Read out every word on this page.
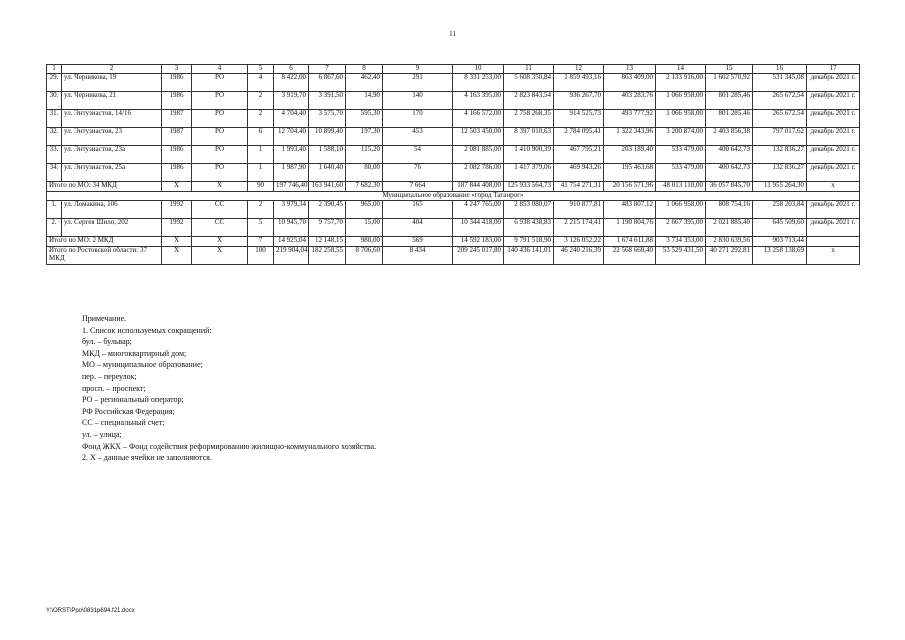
11
1	2	3	4	5	6	7	8	9	10	11	12	13	14	15	16	17
29.	ул. Черникова, 19	1986	РО	4	8 422,00	6 867,60	462,40	291	8 331 253,00	5 608 350,84	1 859 493,16	863 409,00	2 133 916,00	1 602 570,92	531 345,08	декабрь 2021 г.
30.	ул. Черникова, 21	1986	РО	2	3 919,70	3 391,50	14,90	140	4 163 395,00	2 823 843,54	936 267,70	403 283,76	1 066 958,00	801 285,46	265 672,54	декабрь 2021 г.
31.	ул. Энтузиастов, 14/16	1987	РО	2	4 704,40	3 575,70	595,30	170	4 166 572,00	2 758 268,35	914 525,73	493 777,92	1 066 958,00	801 285,46	265 672,54	декабрь 2021 г.
32.	ул. Энтузиастов, 23	1987	РО	6	12 704,40	10 899,40	197,30	453	12 503 450,00	8 397 010,63	2 784 095,41	1 322 343,96	3 200 874,00	2 403 856,38	797 017,62	декабрь 2021 г.
33.	ул. Энтузиастов, 23а	1986	РО	1	1 993,40	1 588,10	115,20	54	2 081 885,00	1 410 900,39	467 795,21	203 189,40	533 479,00	400 642,73	132 836,27	декабрь 2021 г.
34.	ул. Энтузиастов, 25а	1986	РО	1	1 987,90	1 640,40	80,00	76	2 082 786,00	1 417 379,06	469 943,26	195 463,68	533 479,00	400 642,73	132 836,27	декабрь 2021 г.
Итого по МО: 34 МКД		Х	Х	90	197 746,40	163 941,60	7 682,30	7 664	187 844 408,00	125 933 564,73	41 754 271,31	20 156 571,96	48 013 110,00	36 057 845,70	11 955 264,30	х
Муниципальное образование «город Таганрог»																
1.	ул. Ломакина, 106	1992	СС	2	3 979,34	2 390,45	965,00	165	4 247 765,00	2 853 080,07	910 877,81	483 807,12	1 066 958,00	808 754,16	258 203,84	декабрь 2021 г.
2.	ул. Сергея Шило, 202	1992	СС	5	10 945,70	9 757,70	15,00	404	10 344 418,00	6 938 438,83	2 215 174,41	1 190 804,76	2 667 395,00	2 021 885,40	645 509,60	декабрь 2021 г.
Итого по МО: 2 МКД		Х	Х	7	14 925,04	12 148,15	980,00	569	14 592 183,00	9 791 518,90	3 126 052,22	1 674 611,88	3 734 353,00	2 830 639,56	903 713,44	
Итого по Ростовской области: 37 МКД		Х	Х	100	219 904,04	182 258,55	8 706,60	8 434	209 245 017,80	140 436 141,01	46 240 216,39	22 568 660,40	53 529 431,50	40 271 292,81	13 258 138,69	х
Примечание.
1. Список используемых сокращений:
бул. – бульвар;
МКД – многоквартирный дом;
МО – муниципальное образование;
пер. – переулок;
просп. – проспект;
РО – региональный оператор;
РФ Российская Федерация;
СС – специальный счет;
ул. – улица;
Фонд ЖКХ – Фонд содействия реформированию жилищно-коммунального хозяйства.
2. Х – данные ячейки не заполняются.
Y:\ORST\Ppo\0831p694.f21.docx
